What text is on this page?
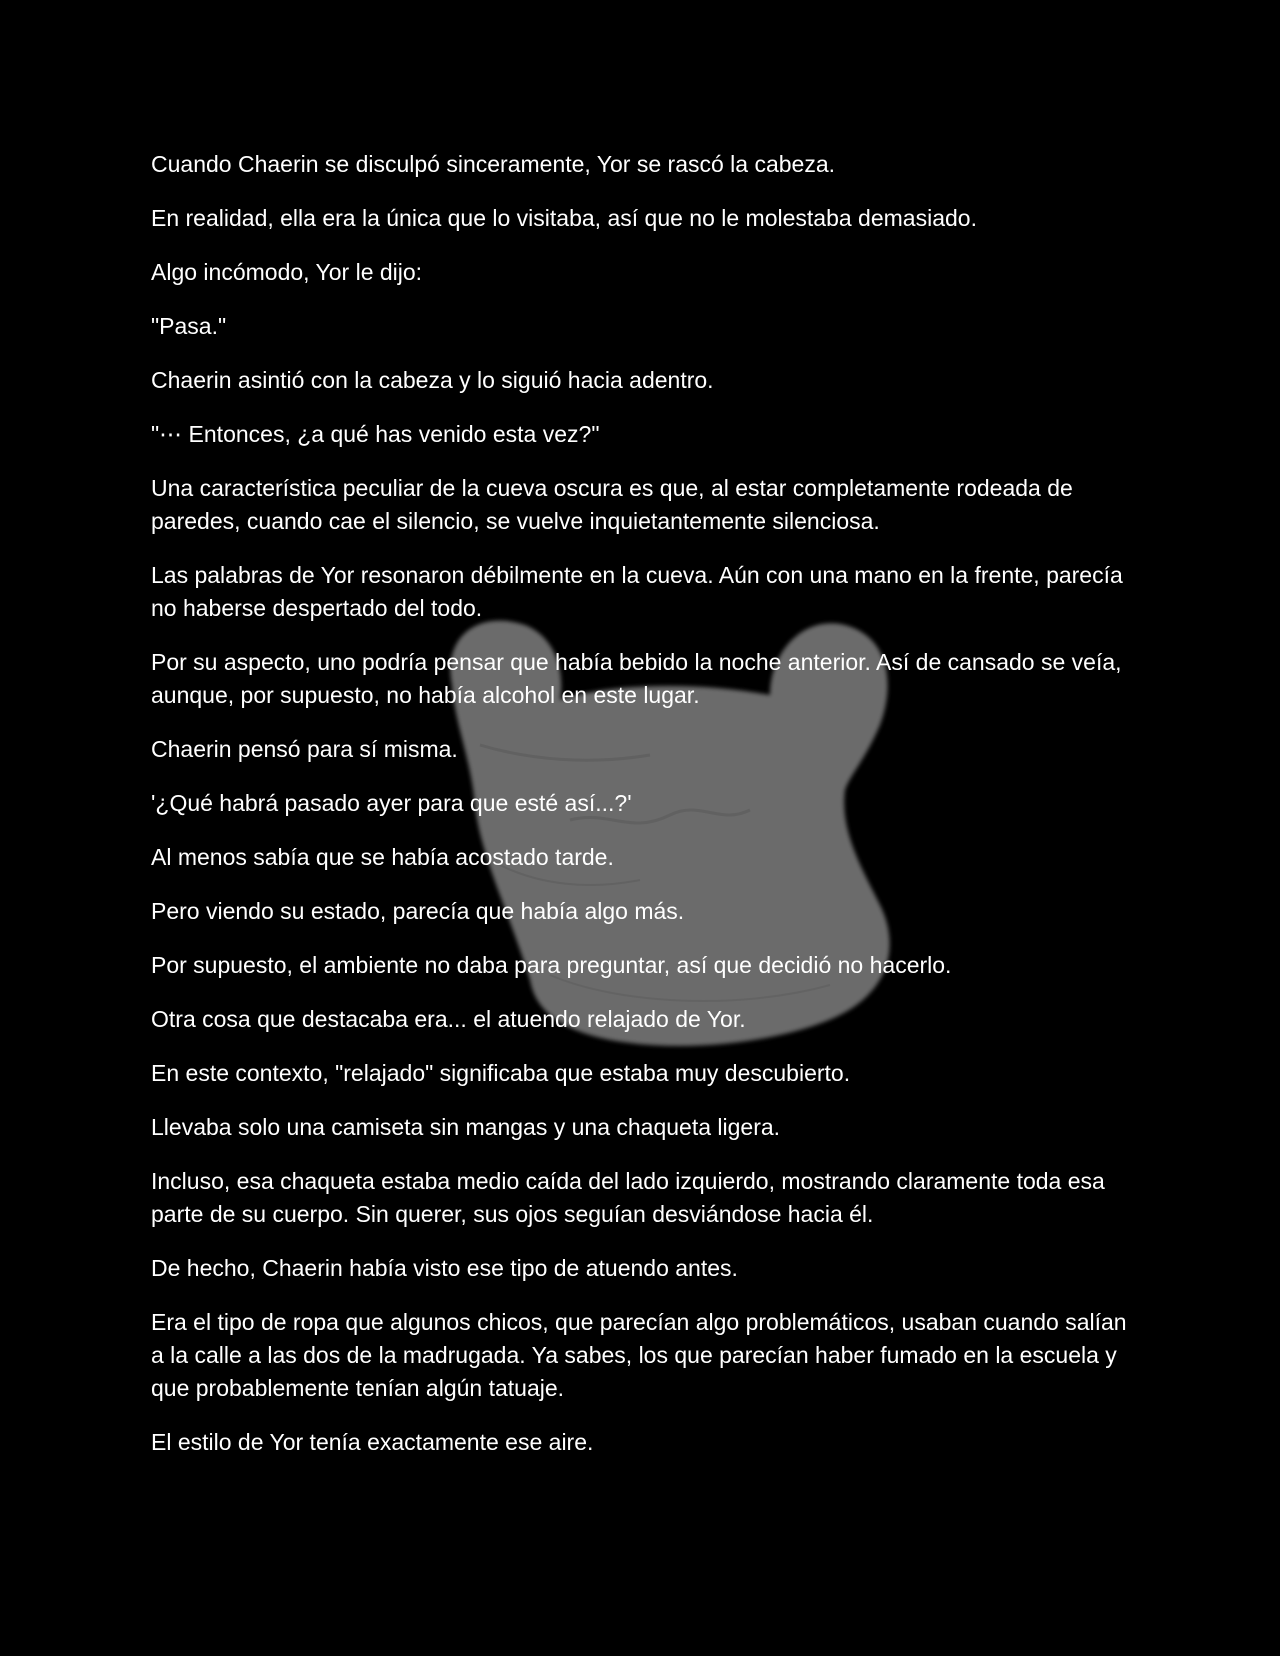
Cuando Chaerin se disculpó sinceramente, Yor se rascó la cabeza.

En realidad, ella era la única que lo visitaba, así que no le molestaba demasiado.

Algo incómodo, Yor le dijo:

"Pasa."

Chaerin asintió con la cabeza y lo siguió hacia adentro.

"⋯ Entonces, ¿a qué has venido esta vez?"

Una característica peculiar de la cueva oscura es que, al estar completamente rodeada de paredes, cuando cae el silencio, se vuelve inquietantemente silenciosa.

Las palabras de Yor resonaron débilmente en la cueva. Aún con una mano en la frente, parecía no haberse despertado del todo.

Por su aspecto, uno podría pensar que había bebido la noche anterior. Así de cansado se veía, aunque, por supuesto, no había alcohol en este lugar.

Chaerin pensó para sí misma.

'¿Qué habrá pasado ayer para que esté así...?'

Al menos sabía que se había acostado tarde.

Pero viendo su estado, parecía que había algo más.

Por supuesto, el ambiente no daba para preguntar, así que decidió no hacerlo.

Otra cosa que destacaba era... el atuendo relajado de Yor.

En este contexto, "relajado" significaba que estaba muy descubierto.

Llevaba solo una camiseta sin mangas y una chaqueta ligera.

Incluso, esa chaqueta estaba medio caída del lado izquierdo, mostrando claramente toda esa parte de su cuerpo. Sin querer, sus ojos seguían desviándose hacia él.

De hecho, Chaerin había visto ese tipo de atuendo antes.

Era el tipo de ropa que algunos chicos, que parecían algo problemáticos, usaban cuando salían a la calle a las dos de la madrugada. Ya sabes, los que parecían haber fumado en la escuela y que probablemente tenían algún tatuaje.

El estilo de Yor tenía exactamente ese aire.
